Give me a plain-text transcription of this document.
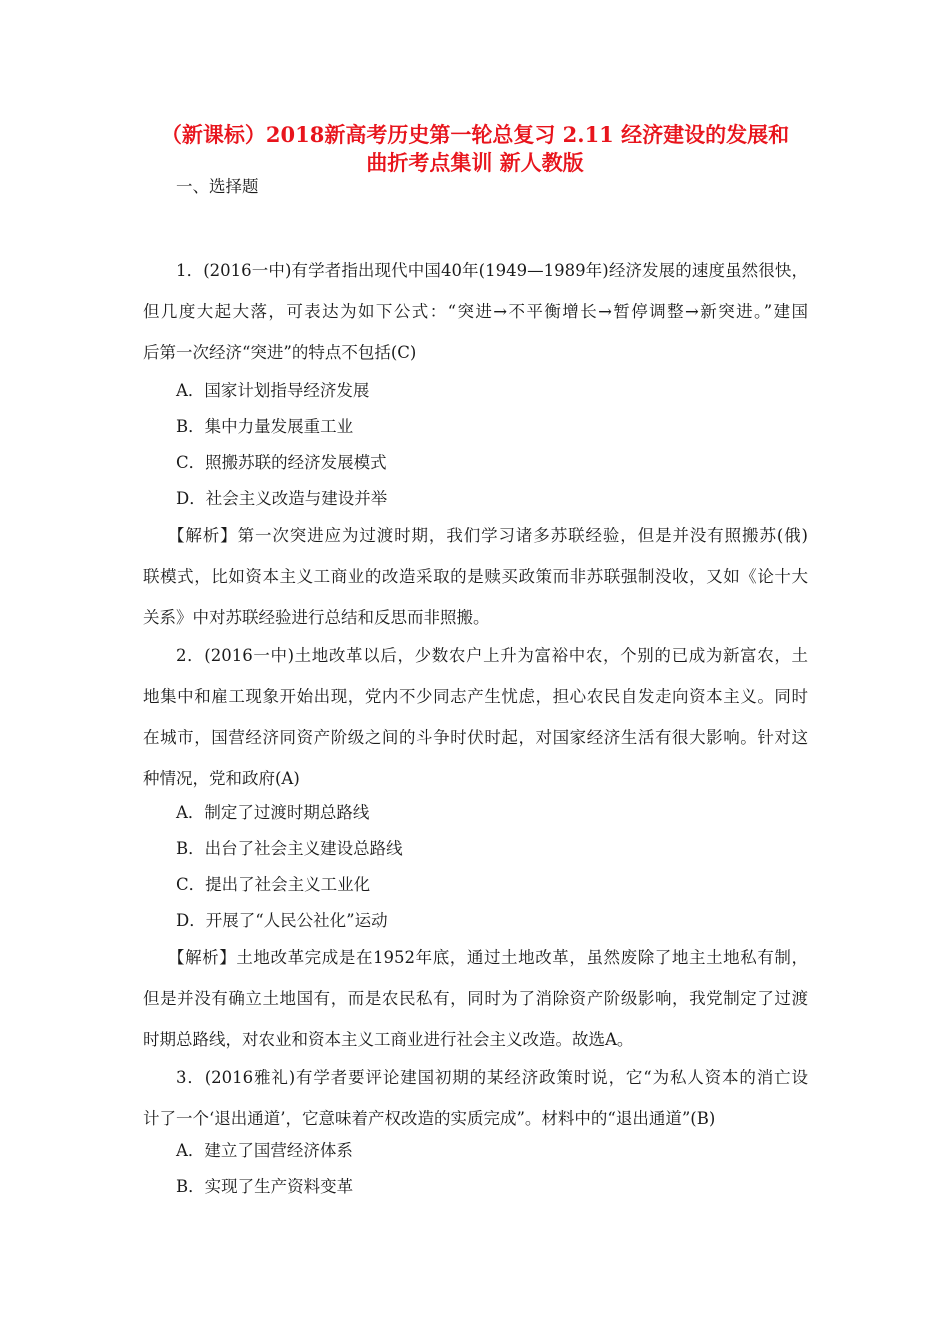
（新课标）2018新高考历史第一轮总复习 2.11 经济建设的发展和
曲折考点集训 新人教版
一、选择题
1．(2016一中)有学者指出现代中国40年(1949—1989年)经济发展的速度虽然很快，
但几度大起大落，可表达为如下公式：“突进→不平衡增长→暂停调整→新突进。”建国
后第一次经济“突进”的特点不包括(C)
A．国家计划指导经济发展
B．集中力量发展重工业
C．照搬苏联的经济发展模式
D．社会主义改造与建设并举
【解析】第一次突进应为过渡时期，我们学习诸多苏联经验，但是并没有照搬苏(俄)
联模式，比如资本主义工商业的改造采取的是赎买政策而非苏联强制没收，又如《论十大
关系》中对苏联经验进行总结和反思而非照搬。
2．(2016一中)土地改革以后，少数农户上升为富裕中农，个别的已成为新富农，土
地集中和雇工现象开始出现，党内不少同志产生忧虑，担心农民自发走向资本主义。同时
在城市，国营经济同资产阶级之间的斗争时伏时起，对国家经济生活有很大影响。针对这
种情况，党和政府(A)
A．制定了过渡时期总路线
B．出台了社会主义建设总路线
C．提出了社会主义工业化
D．开展了“人民公社化”运动
【解析】土地改革完成是在1952年底，通过土地改革，虽然废除了地主土地私有制，
但是并没有确立土地国有，而是农民私有，同时为了消除资产阶级影响，我党制定了过渡
时期总路线，对农业和资本主义工商业进行社会主义改造。故选A。
3．(2016雅礼)有学者要评论建国初期的某经济政策时说，它“为私人资本的消亡设
计了一个‘退出通道’，它意味着产权改造的实质完成”。材料中的“退出通道”(B)
A．建立了国营经济体系
B．实现了生产资料变革
